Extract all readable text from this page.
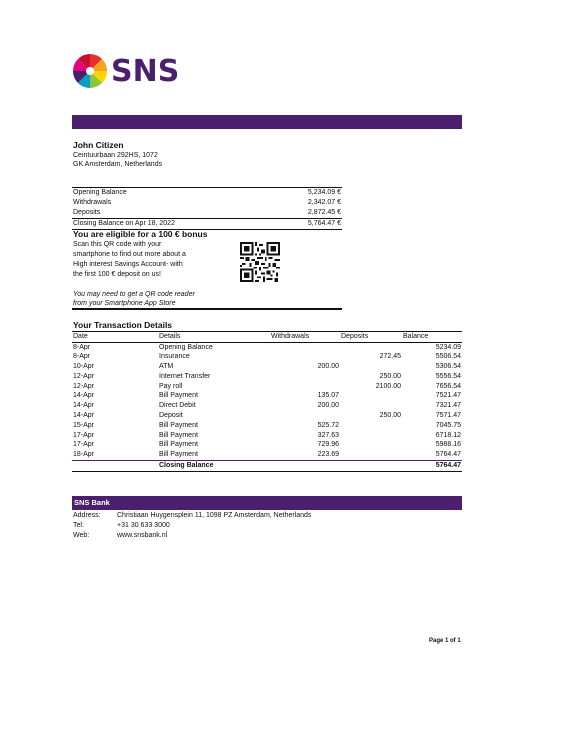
SNS
John Citizen
Ceintuurbaan 292HS, 1072
GK Amsterdam, Netherlands
Opening Balance	5,234.09 €
Withdrawals	2,342.07 €
Deposits	2,872.45 €
Closing Balance on Apr 18, 2022	5,764.47 €
You are eligible for a 100 € bonus
Scan this QR code with your
smartphone to find out more about a
High interest Savings Account- with
the first 100 € deposit on us!
You may need to get a QR code reader
from your Smartphone App Store
Your Transaction Details
Date	Details	Withdrawals	Deposits	Balance
8-Apr	Opening Balance			5234.09
8-Apr	Insurance		272.45	5506.54
10-Apr	ATM	200.00		5306.54
12-Apr	Internet Transfer		250.00	5556.54
12-Apr	Pay roll		2100.00	7656.54
14-Apr	Bill Payment	135.07		7521.47
14-Apr	Direct Debit	200.00		7321.47
14-Apr	Deposit		250.00	7571.47
15-Apr	Bill Payment	525.72		7045.75
17-Apr	Bill Payment	327.63		6718.12
17-Apr	Bill Payment	729.96		5988.16
18-Apr	Bill Payment	223.69		5764.47
	Closing Balance			5764.47
SNS Bank
Address: Christiaan Huygensplein 11, 1098 PZ Amsterdam, Netherlands
Tel:	+31 30 633 3000
Web:	www.snsbank.nl
Page 1 of 1
